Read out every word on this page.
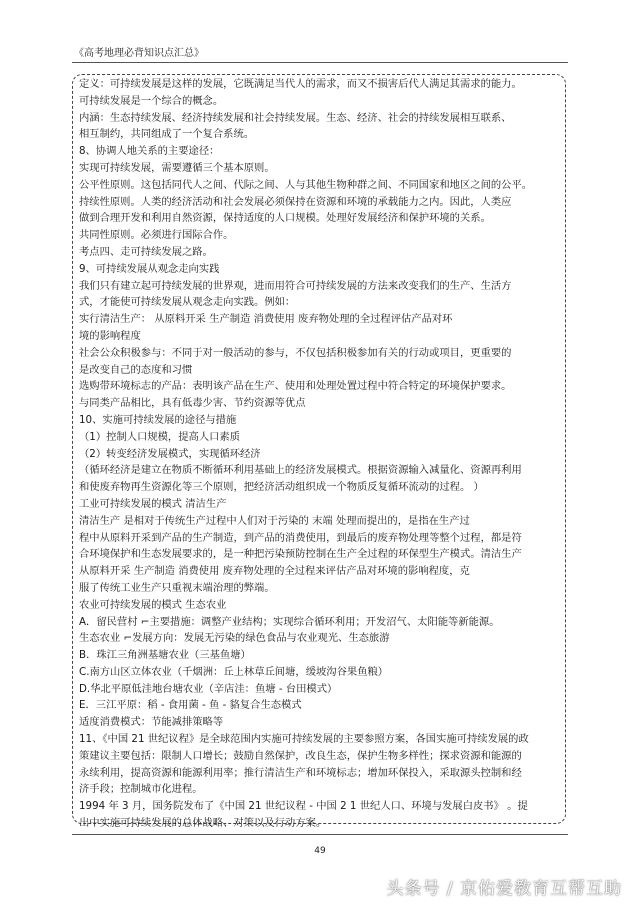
《高考地理必背知识点汇总》

定义：可持续发展是这样的发展，它既满足当代人的需求，而又不损害后代人满足其需求的能力。

可持续发展是一个综合的概念。

内涵：生态持续发展、经济持续发展和社会持续发展。生态、经济、社会的持续发展相互联系、

相互制约，共同组成了一个复合系统。

8、协调人地关系的主要途径：

实现可持续发展，需要遵循三个基本原则。

公平性原则。这包括同代人之间、代际之间、人与其他生物种群之间、不同国家和地区之间的公平。

持续性原则。人类的经济活动和社会发展必须保持在资源和环境的承载能力之内。因此，人类应

做到合理开发和利用自然资源，保持适度的人口规模。处理好发展经济和保护环境的关系。

共同性原则。必须进行国际合作。

考点四、走可持续发展之路。

9、可持续发展从观念走向实践

我们只有建立起可持续发展的世界观，进而用符合可持续发展的方法来改变我们的生产、生活方

式，才能使可持续发展从观念走向实践。例如：

实行清洁生产： 从原料开采 生产制造 消费使用 废弃物处理的全过程评估产品对环

境的影响程度

社会公众积极参与：不同于对一般活动的参与，不仅包括积极参加有关的行动或项目，更重要的

是改变自己的态度和习惯

选购带环境标志的产品：表明该产品在生产、使用和处理处置过程中符合特定的环境保护要求。

与同类产品相比，具有低毒少害、节约资源等优点

10、实施可持续发展的途径与措施

（1）控制人口规模，提高人口素质

（2）转变经济发展模式，实现循环经济

（循环经济是建立在物质不断循环利用基础上的经济发展模式。根据资源输入减量化、资源再利用

和使废弃物再生资源化等三个原则，把经济活动组织成一个物质反复循环流动的过程。 ）

工业可持续发展的模式 清洁生产

清洁生产 是相对于传统生产过程中人们对于污染的 末端 处理而提出的，是指在生产过

程中从原料开采到产品的生产制造，到产品的消费使用，到最后的废弃物处理等整个过程，都是符

合环境保护和生态发展要求的，是一种把污染预防控制在生产全过程的环保型生产模式。清洁生产

从原料开采 生产制造 消费使用 废弃物处理的全过程来评估产品对环境的影响程度，克

服了传统工业生产只重视末端治理的弊端。

农业可持续发展的模式 生态农业

A．留民营村 ⌐主要措施：调整产业结构；实现综合循环利用；开发沼气、太阳能等新能源。

生态农业 ⌐发展方向：发展无污染的绿色食品与农业观光、生态旅游

B．珠江三角洲基塘农业（三基鱼塘）

C.南方山区立体农业（千烟洲：丘上林草丘间塘，缓坡沟谷果鱼粮）

D.华北平原低洼地台塘农业（辛店洼：鱼塘 - 台田模式）

E．三江平原：稻 - 食用菌 - 鱼 - 貉复合生态模式

适度消费模式：节能减排策略等

11、《中国 21 世纪议程》是全球范围内实施可持续发展的主要参照方案，各国实施可持续发展的政

策建议主要包括：限制人口增长；鼓励自然保护，改良生态，保护生物多样性；探求资源和能源的

永续利用，提高资源和能源利用率；推行清洁生产和环境标志；增加环保投入，采取源头控制和经

济手段；控制城市化进程。

1994 年 3 月，国务院发布了《中国 21 世纪议程 - 中国 2 1 世纪人口、环境与发展白皮书》 。提

出中实施可持续发展的总体战略、对策以及行动方案。

49
头条号 / 京佑爱教育互帮互助
